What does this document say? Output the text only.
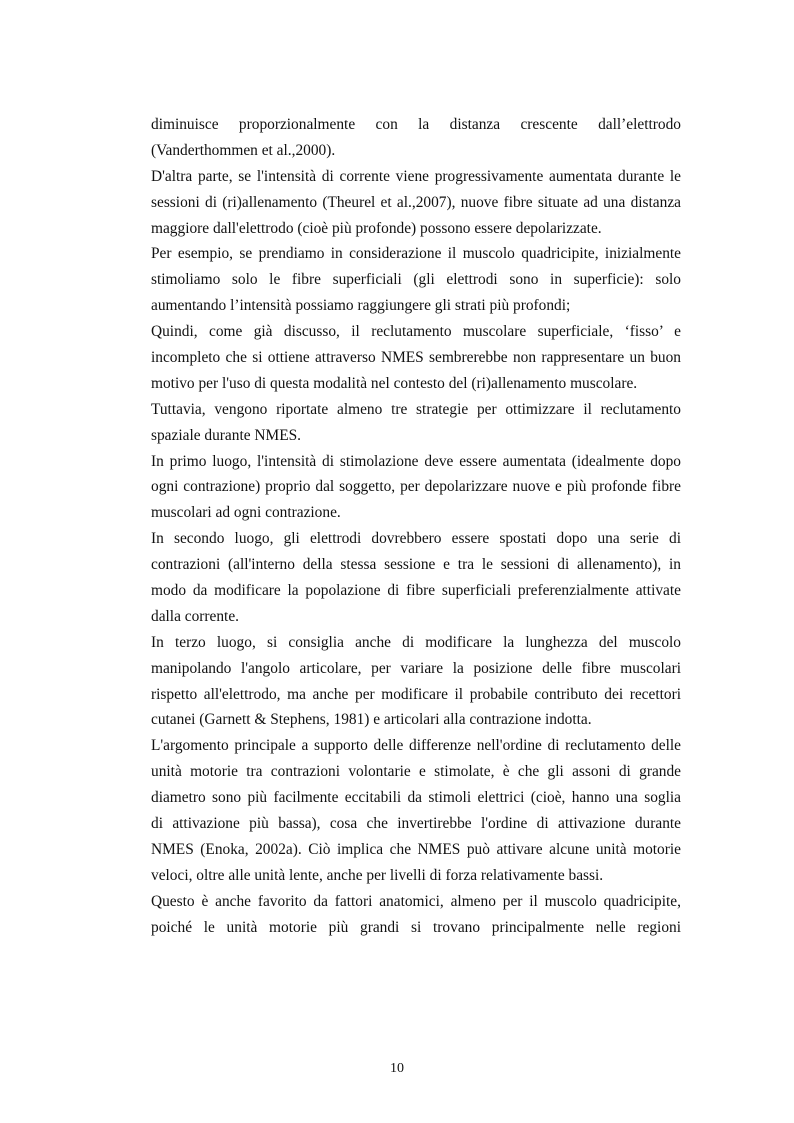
diminuisce proporzionalmente con la distanza crescente dall’elettrodo
(Vanderthommen et al.,2000).
D'altra parte, se l'intensità di corrente viene progressivamente aumentata durante le
sessioni di (ri)allenamento (Theurel et al.,2007), nuove fibre situate ad una distanza
maggiore dall'elettrodo (cioè più profonde) possono essere depolarizzate.
Per esempio, se prendiamo in considerazione il muscolo quadricipite, inizialmente
stimoliamo solo le fibre superficiali (gli elettrodi sono in superficie): solo
aumentando l’intensità possiamo raggiungere gli strati più profondi;
Quindi, come già discusso, il reclutamento muscolare superficiale, ‘fisso’ e
incompleto che si ottiene attraverso NMES sembrerebbe non rappresentare un buon
motivo per l'uso di questa modalità nel contesto del (ri)allenamento muscolare.
Tuttavia, vengono riportate almeno tre strategie per ottimizzare il reclutamento
spaziale durante NMES.
In primo luogo, l'intensità di stimolazione deve essere aumentata (idealmente dopo
ogni contrazione) proprio dal soggetto, per depolarizzare nuove e più profonde fibre
muscolari ad ogni contrazione.
In secondo luogo, gli elettrodi dovrebbero essere spostati dopo una serie di
contrazioni (all'interno della stessa sessione e tra le sessioni di allenamento), in
modo da modificare la popolazione di fibre superficiali preferenzialmente attivate
dalla corrente.
In terzo luogo, si consiglia anche di modificare la lunghezza del muscolo
manipolando l'angolo articolare, per variare la posizione delle fibre muscolari
rispetto all'elettrodo, ma anche per modificare il probabile contributo dei recettori
cutanei (Garnett & Stephens, 1981) e articolari alla contrazione indotta.
L'argomento principale a supporto delle differenze nell'ordine di reclutamento delle
unità motorie tra contrazioni volontarie e stimolate, è che gli assoni di grande
diametro sono più facilmente eccitabili da stimoli elettrici (cioè, hanno una soglia
di attivazione più bassa), cosa che invertirebbe l'ordine di attivazione durante
NMES (Enoka, 2002a). Ciò implica che NMES può attivare alcune unità motorie
veloci, oltre alle unità lente, anche per livelli di forza relativamente bassi.
Questo è anche favorito da fattori anatomici, almeno per il muscolo quadricipite,
poiché le unità motorie più grandi si trovano principalmente nelle regioni
10
